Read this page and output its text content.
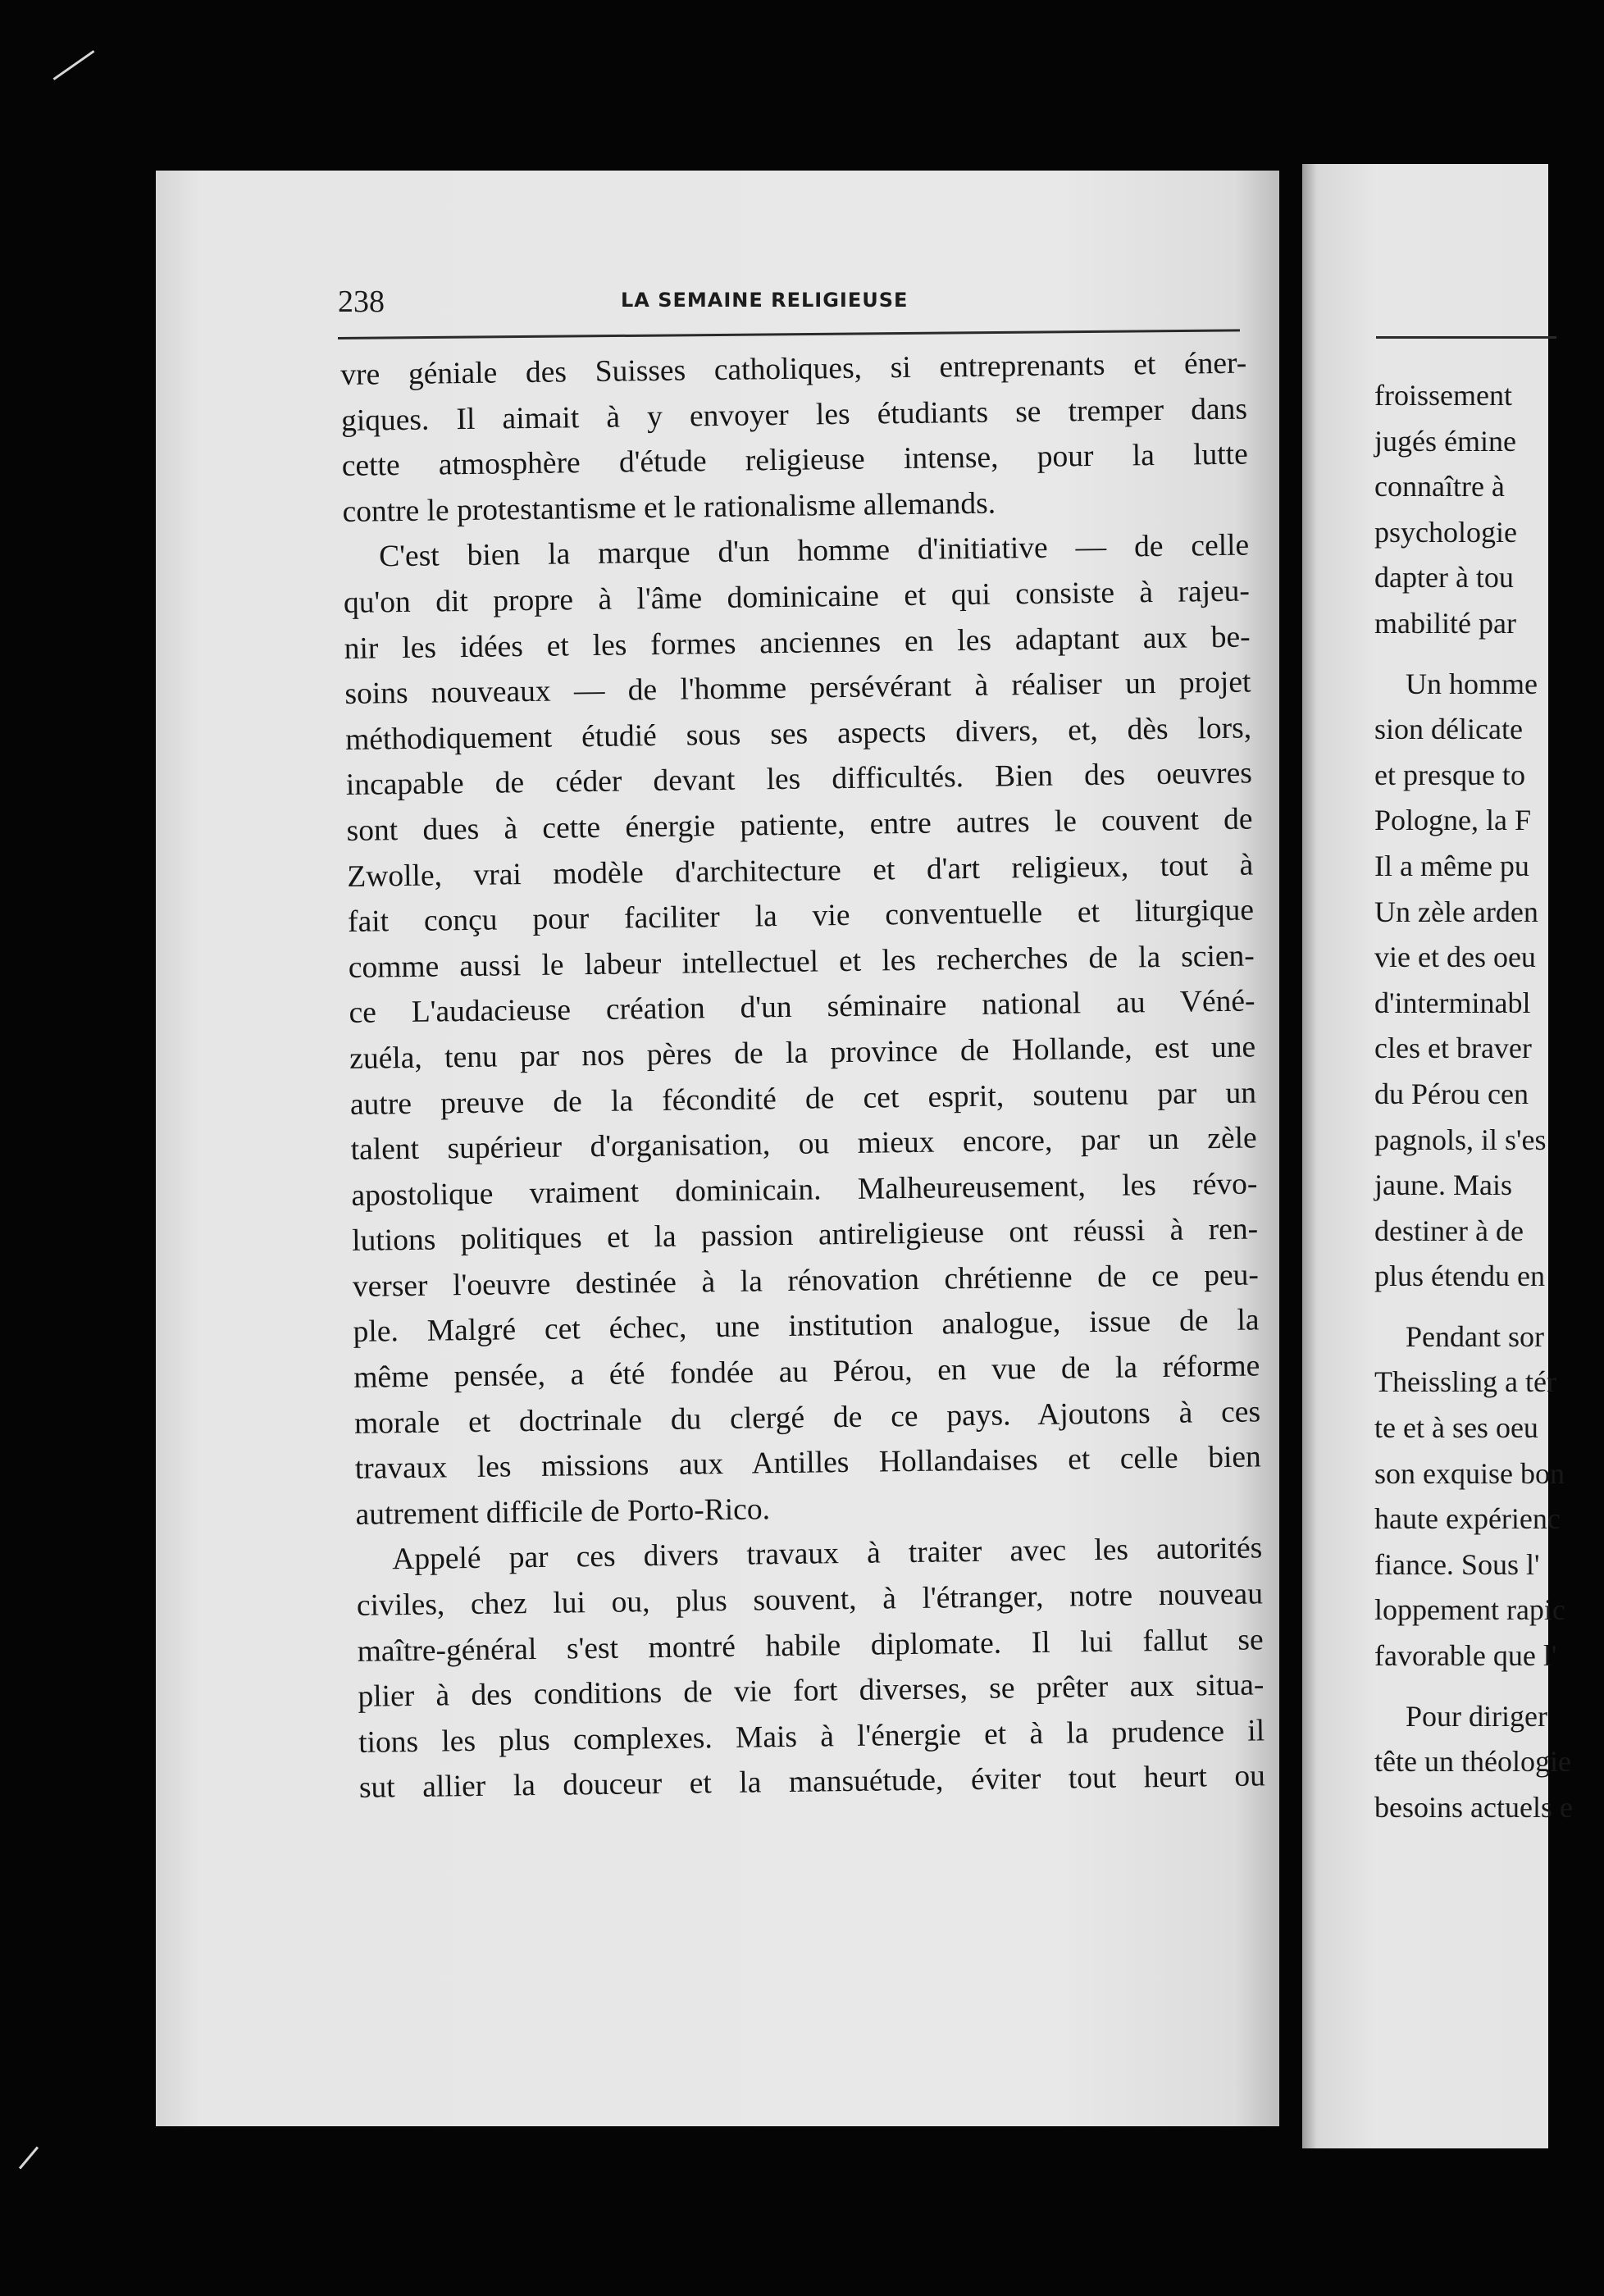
238	LA SEMAINE RELIGIEUSE
vre géniale des Suisses catholiques, si entreprenants et éner-
giques. Il aimait à y envoyer les étudiants se tremper dans
cette atmosphère d'étude religieuse intense, pour la lutte
contre le protestantisme et le rationalisme allemands.
C'est bien la marque d'un homme d'initiative — de celle
qu'on dit propre à l'âme dominicaine et qui consiste à rajeu-
nir les idées et les formes anciennes en les adaptant aux be-
soins nouveaux — de l'homme persévérant à réaliser un projet
méthodiquement étudié sous ses aspects divers, et, dès lors,
incapable de céder devant les difficultés. Bien des oeuvres
sont dues à cette énergie patiente, entre autres le couvent de
Zwolle, vrai modèle d'architecture et d'art religieux, tout à
fait conçu pour faciliter la vie conventuelle et liturgique
comme aussi le labeur intellectuel et les recherches de la scien-
ce L'audacieuse création d'un séminaire national au Véné-
zuéla, tenu par nos pères de la province de Hollande, est une
autre preuve de la fécondité de cet esprit, soutenu par un
talent supérieur d'organisation, ou mieux encore, par un zèle
apostolique vraiment dominicain. Malheureusement, les révo-
lutions politiques et la passion antireligieuse ont réussi à ren-
verser l'oeuvre destinée à la rénovation chrétienne de ce peu-
ple. Malgré cet échec, une institution analogue, issue de la
même pensée, a été fondée au Pérou, en vue de la réforme
morale et doctrinale du clergé de ce pays. Ajoutons à ces
travaux les missions aux Antilles Hollandaises et celle bien
autrement difficile de Porto-Rico.
Appelé par ces divers travaux à traiter avec les autorités
civiles, chez lui ou, plus souvent, à l'étranger, notre nouveau
maître-général s'est montré habile diplomate. Il lui fallut se
plier à des conditions de vie fort diverses, se prêter aux situa-
tions les plus complexes. Mais à l'énergie et à la prudence il
sut allier la douceur et la mansuétude, éviter tout heurt ou
froissement
jugés émine
connaître à
psychologie
dapter à tou
mabilité par
Un homme
sion délicate
et presque to
Pologne, la F
Il a même pu
Un zèle arden
vie et des oeu
d'interminabl
cles et braver
du Pérou cen
pagnols, il s'es
jaune. Mais
destiner à de
plus étendu en
Pendant sor
Theissling a tér
te et à ses oeu
son exquise bon
haute expérienc
fiance. Sous l'
loppement rapic
favorable que l'
Pour diriger
tête un théologie
besoins actuels e
